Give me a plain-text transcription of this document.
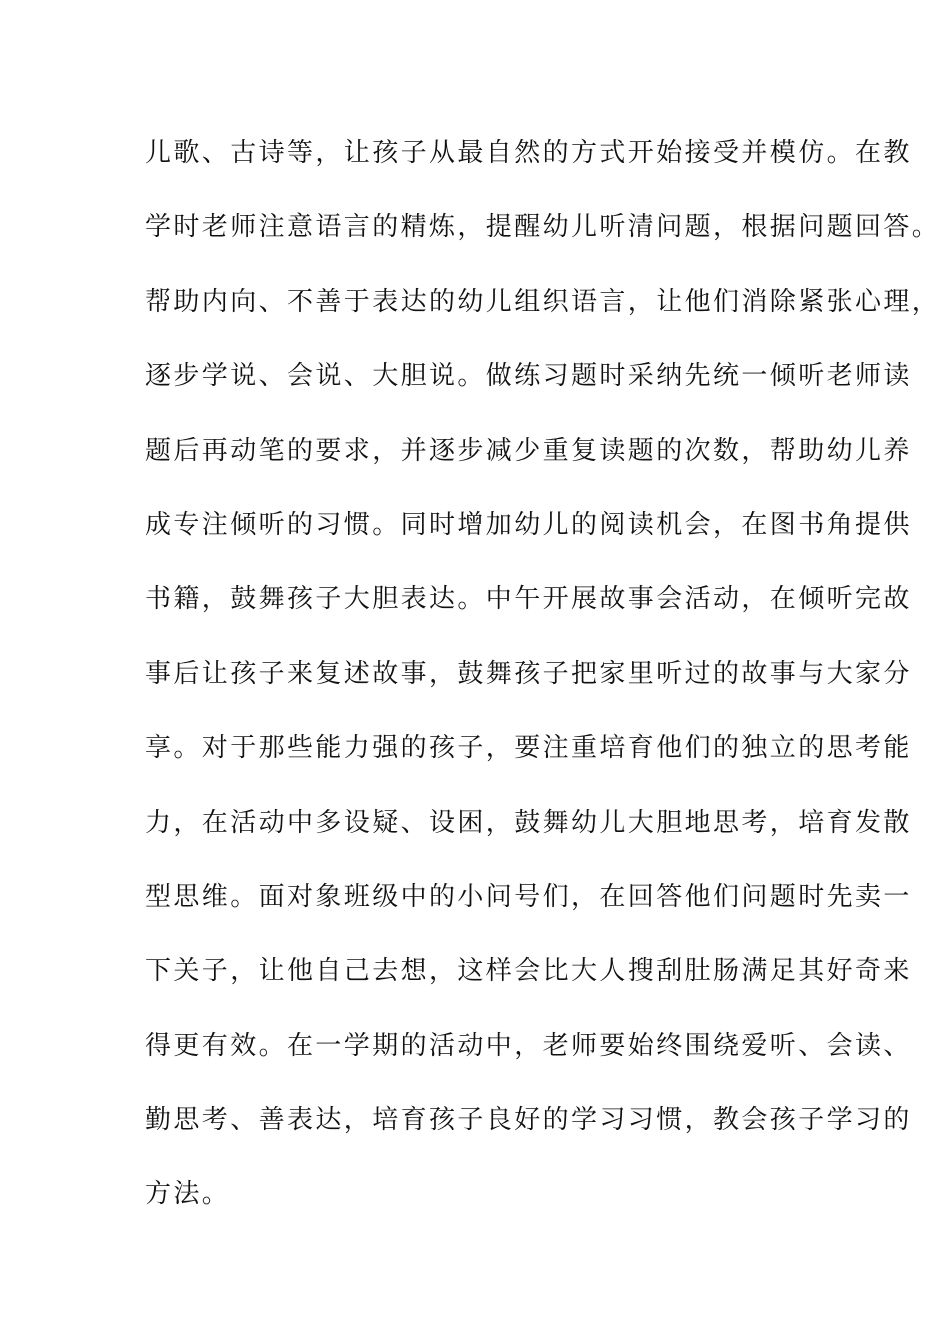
儿歌、古诗等，让孩子从最自然的方式开始接受并模仿。在教
学时老师注意语言的精炼，提醒幼儿听清问题，根据问题回答。
帮助内向、不善于表达的幼儿组织语言，让他们消除紧张心理，
逐步学说、会说、大胆说。做练习题时采纳先统一倾听老师读
题后再动笔的要求，并逐步减少重复读题的次数，帮助幼儿养
成专注倾听的习惯。同时增加幼儿的阅读机会，在图书角提供
书籍，鼓舞孩子大胆表达。中午开展故事会活动，在倾听完故
事后让孩子来复述故事，鼓舞孩子把家里听过的故事与大家分
享。对于那些能力强的孩子，要注重培育他们的独立的思考能
力，在活动中多设疑、设困，鼓舞幼儿大胆地思考，培育发散
型思维。面对象班级中的小问号们，在回答他们问题时先卖一
下关子，让他自己去想，这样会比大人搜刮肚肠满足其好奇来
得更有效。在一学期的活动中，老师要始终围绕爱听、会读、
勤思考、善表达，培育孩子良好的学习习惯，教会孩子学习的
方法。
